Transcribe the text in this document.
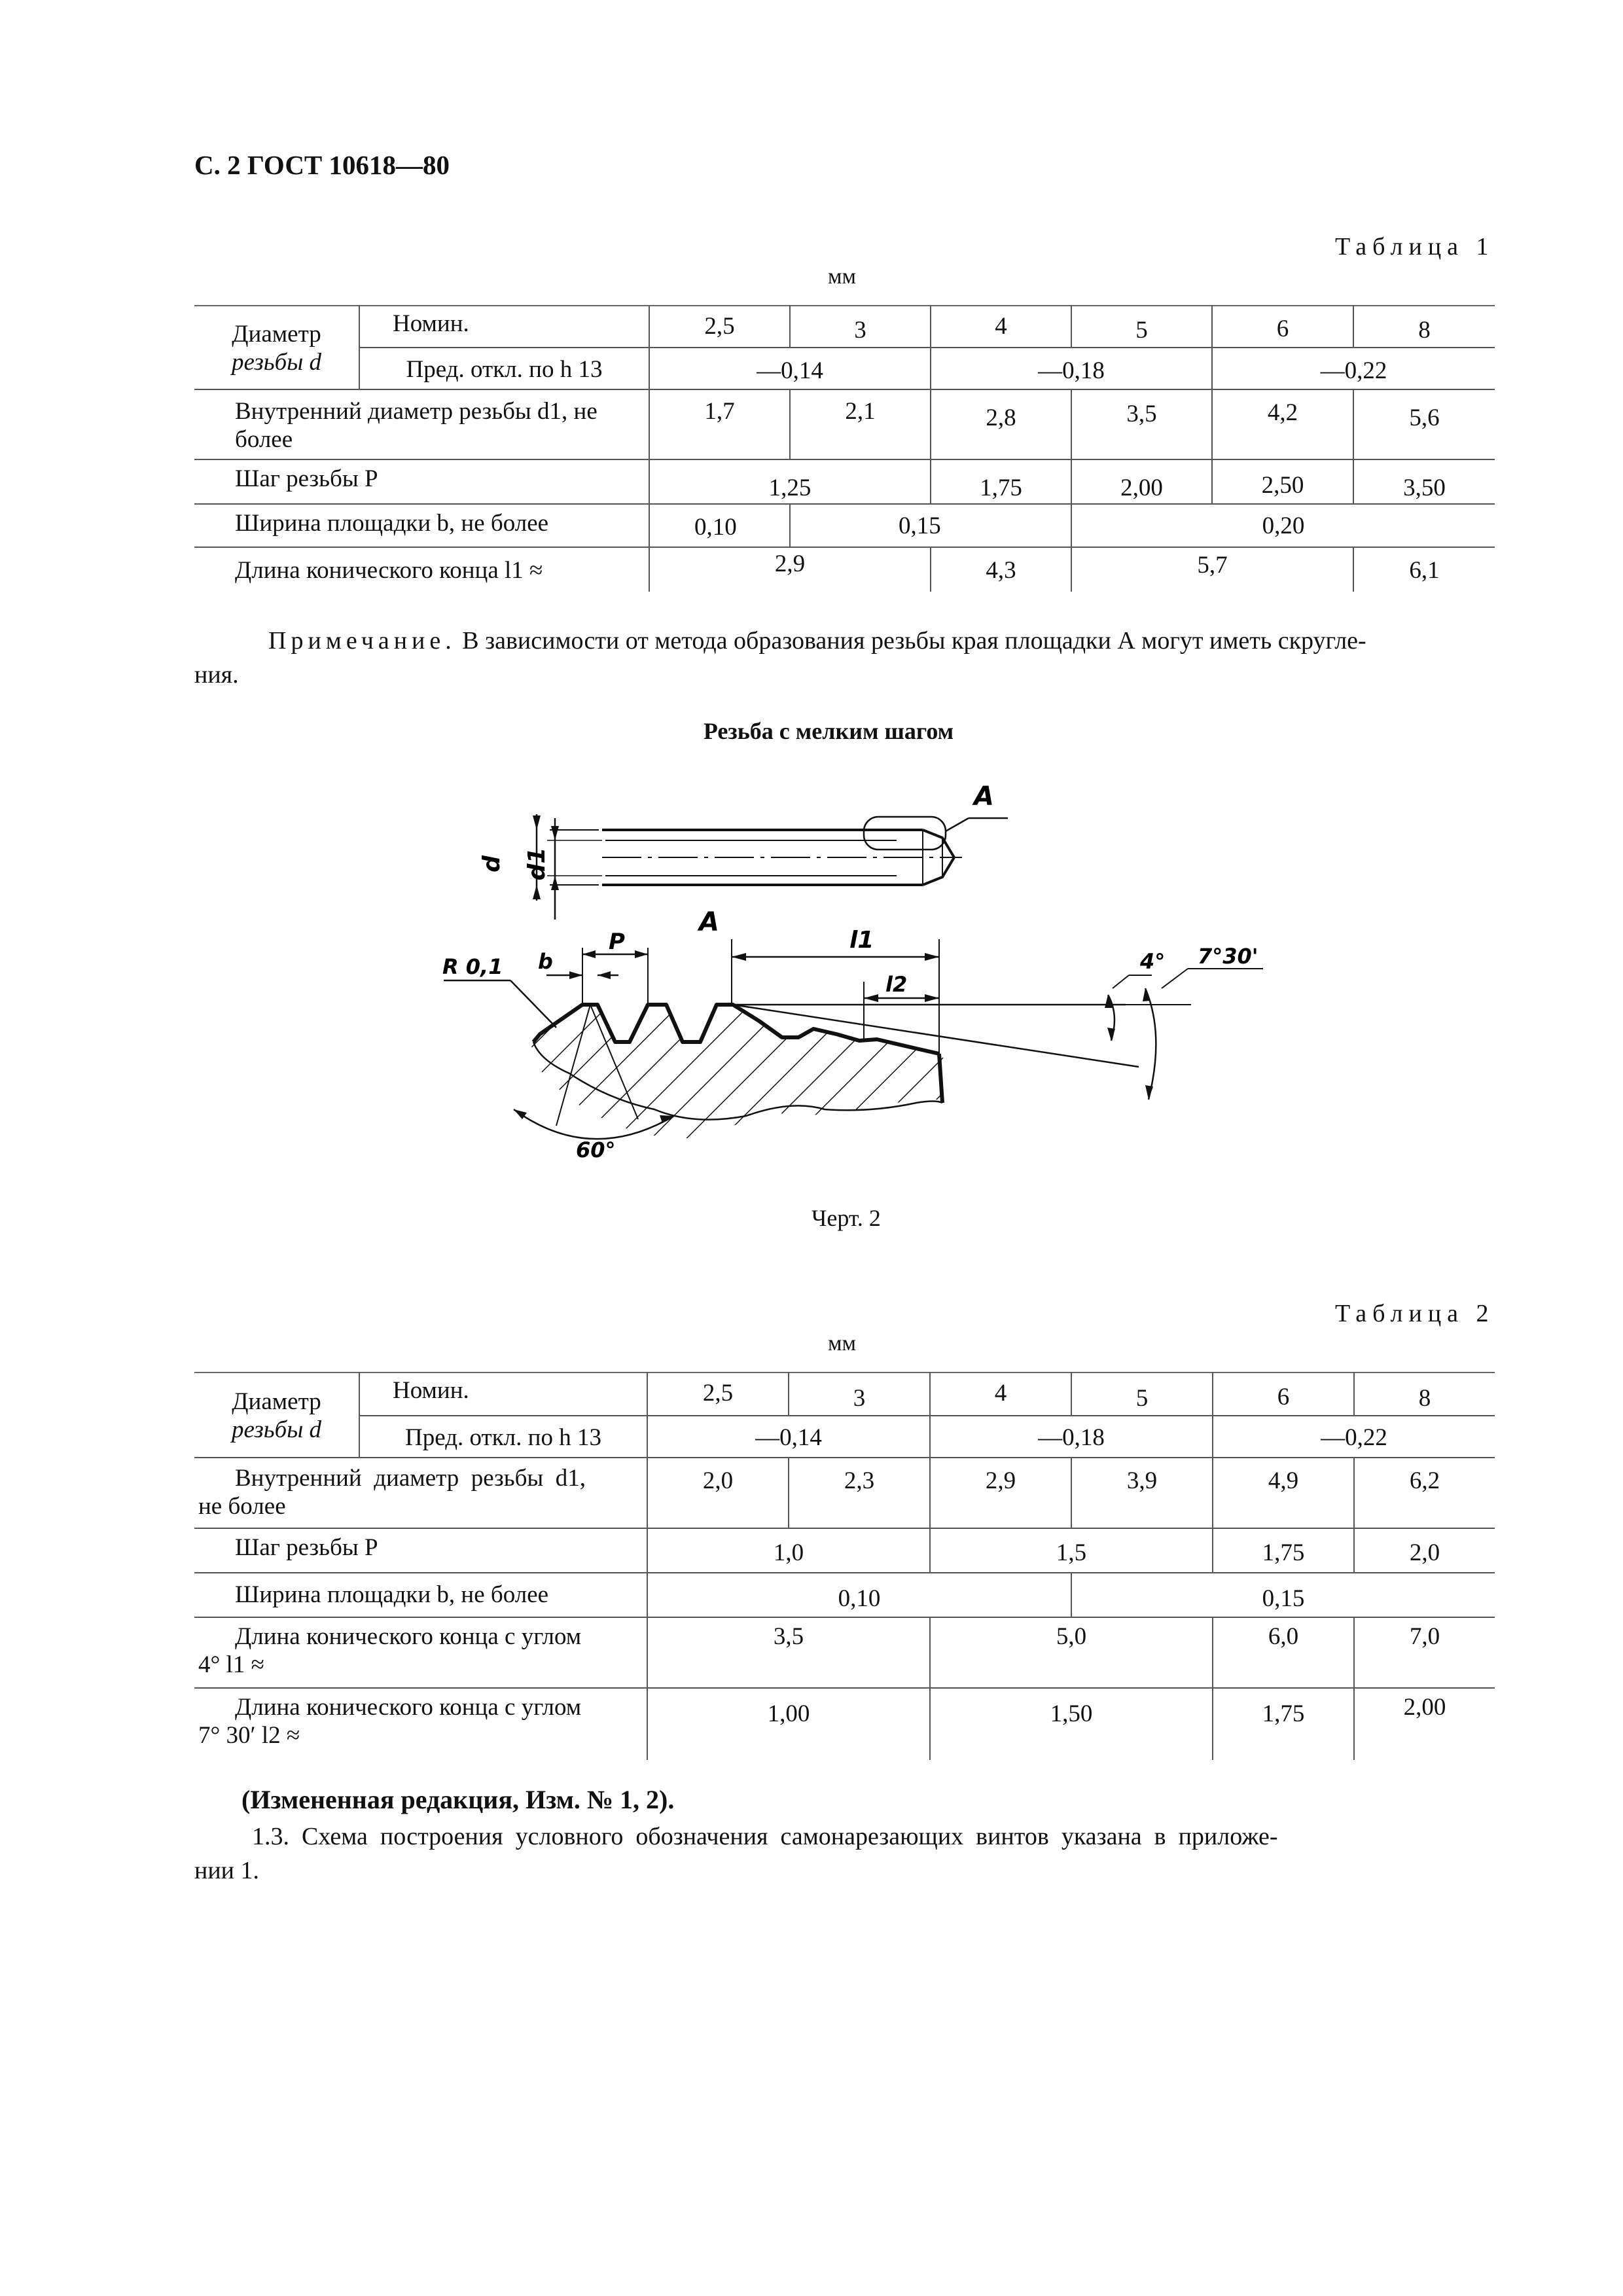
С. 2 ГОСТ 10618—80
Таблица 1
мм
Диаметр
резьбы d	Номин.	2,5	3	4	5	6	8
	Пред. откл. по h 13	—0,14		—0,18		—0,22	
Внутренний диаметр резьбы d1, не более		1,7	2,1	2,8	3,5	4,2	5,6
Шаг резьбы P		1,25		1,75	2,00	2,50	3,50
Ширина площадки b, не более		0,10	0,15		0,20		
Длина конического конца l1 ≈		2,9		4,3	5,7		6,1
Примечание. В зависимости от метода образования резьбы края площадки А могут иметь скругле-
ния.
Резьба с мелким шагом
d d1
A
l1
l2
P
A
b
R 0,1
60°
4° 7°30'
Черт. 2
Таблица 2
мм
Диаметр
резьбы d	Номин.	2,5	3	4	5	6	8
	Пред. откл. по h 13	—0,14		—0,18		—0,22	

Внутренний  диаметр  резьбы  d1,
не более		2,0	2,3	2,9	3,9	4,9	6,2
Шаг резьбы P		1,0		1,5		1,75	2,0
Ширина площадки b, не более		0,10			0,15		

Длина конического конца с углом
4° l1 ≈		3,5		5,0		6,0	7,0

Длина конического конца с углом
7° 30′ l2 ≈		1,00		1,50		1,75	2,00
(Измененная редакция, Изм. № 1, 2).
1.3.  Схема  построения  условного  обозначения  самонарезающих  винтов  указана  в  приложе-
нии 1.
